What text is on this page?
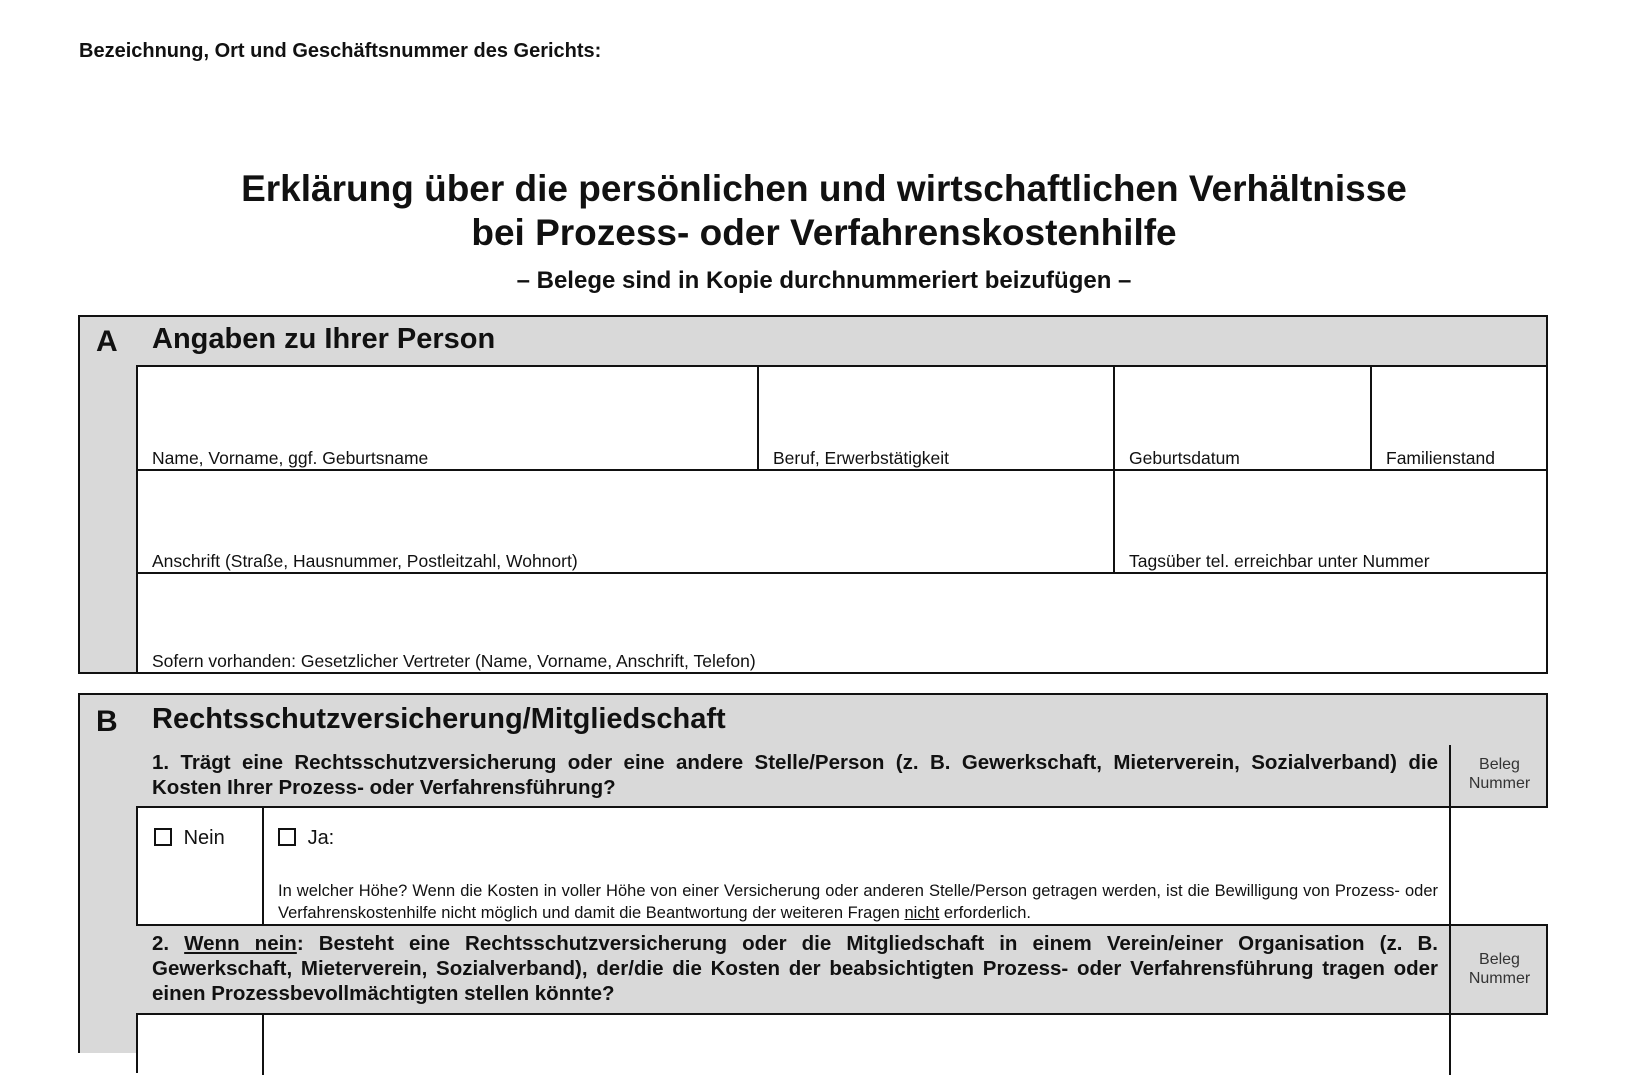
Bezeichnung, Ort und Geschäftsnummer des Gerichts:
Erklärung über die persönlichen und wirtschaftlichen Verhältnisse
bei Prozess- oder Verfahrenskostenhilfe
– Belege sind in Kopie durchnummeriert beizufügen –
A Angaben zu Ihrer Person
Name, Vorname, ggf. Geburtsname	Beruf, Erwerbstätigkeit	Geburtsdatum	Familienstand
Anschrift (Straße, Hausnummer, Postleitzahl, Wohnort)	Tagsüber tel. erreichbar unter Nummer
Sofern vorhanden: Gesetzlicher Vertreter (Name, Vorname, Anschrift, Telefon)
B Rechtsschutzversicherung/Mitgliedschaft
1. Trägt eine Rechtsschutzversicherung oder eine andere Stelle/Person (z. B. Gewerkschaft, Mieterverein, Sozialverband) die Kosten Ihrer Prozess- oder Verfahrensführung?
Beleg
Nummer
Nein	Ja:
In welcher Höhe? Wenn die Kosten in voller Höhe von einer Versicherung oder anderen Stelle/Person getragen werden, ist die Bewilligung von Prozess- oder Verfahrenskostenhilfe nicht möglich und damit die Beantwortung der weiteren Fragen nicht erforderlich.
2. Wenn nein: Besteht eine Rechtsschutzversicherung oder die Mitgliedschaft in einem Verein/einer Organisation (z. B. Gewerkschaft, Mieterverein, Sozialverband), der/die die Kosten der beabsichtigten Prozess- oder Verfahrensführung tragen oder einen Prozessbevollmächtigten stellen könnte?
Beleg
Nummer
